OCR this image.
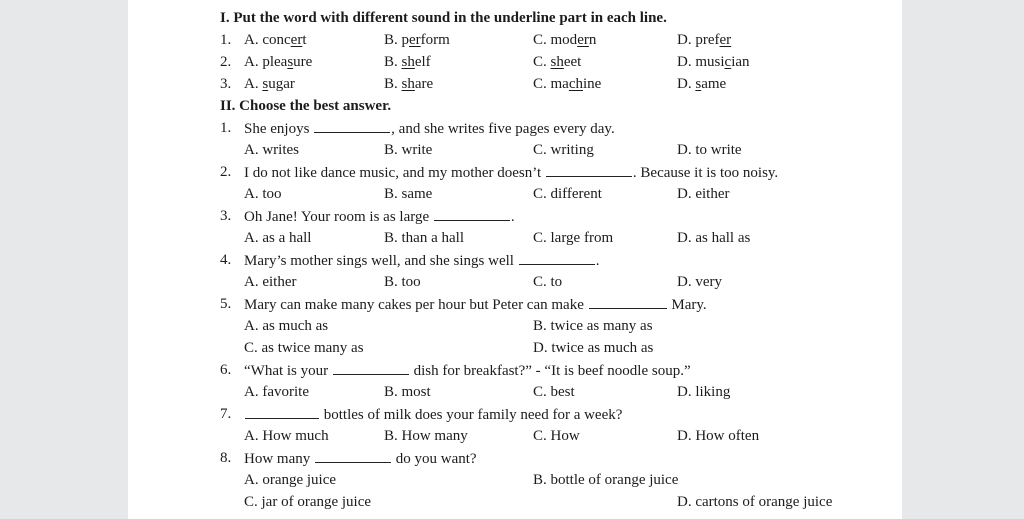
I. Put the word with different sound in the underline part in each line.
1. A. concert	B. perform	C. modern	D. prefer
2. A. pleasure	B. shelf	C. sheet	D. musician
3. A. sugar	B. share	C. machine	D. same
II. Choose the best answer.
1. She enjoys	, and she writes five pages every day.
A. writes	B. write	C. writing	D. to write
2. I do not like dance music, and my mother doesn’t	. Because it is too noisy.
A. too	B. same	C. different	D. either
3. Oh Jane! Your room is as large	.
A. as a hall	B. than a hall	C. large from	D. as hall as
4. Mary’s mother sings well, and she sings well	.
A. either	B. too	C. to	D. very
5. Mary can make many cakes per hour but Peter can make	Mary.
A. as much as	B. twice as many as
C. as twice many as	D. twice as much as
6. “What is your	dish for breakfast?” - “It is beef noodle soup.”
A. favorite	B. most	C. best	D. liking
7.	bottles of milk does your family need for a week?
A. How much	B. How many	C. How	D. How often
8. How many	do you want?
A. orange juice	B. bottle of orange juice
C. jar of orange juice	D. cartons of orange juice
